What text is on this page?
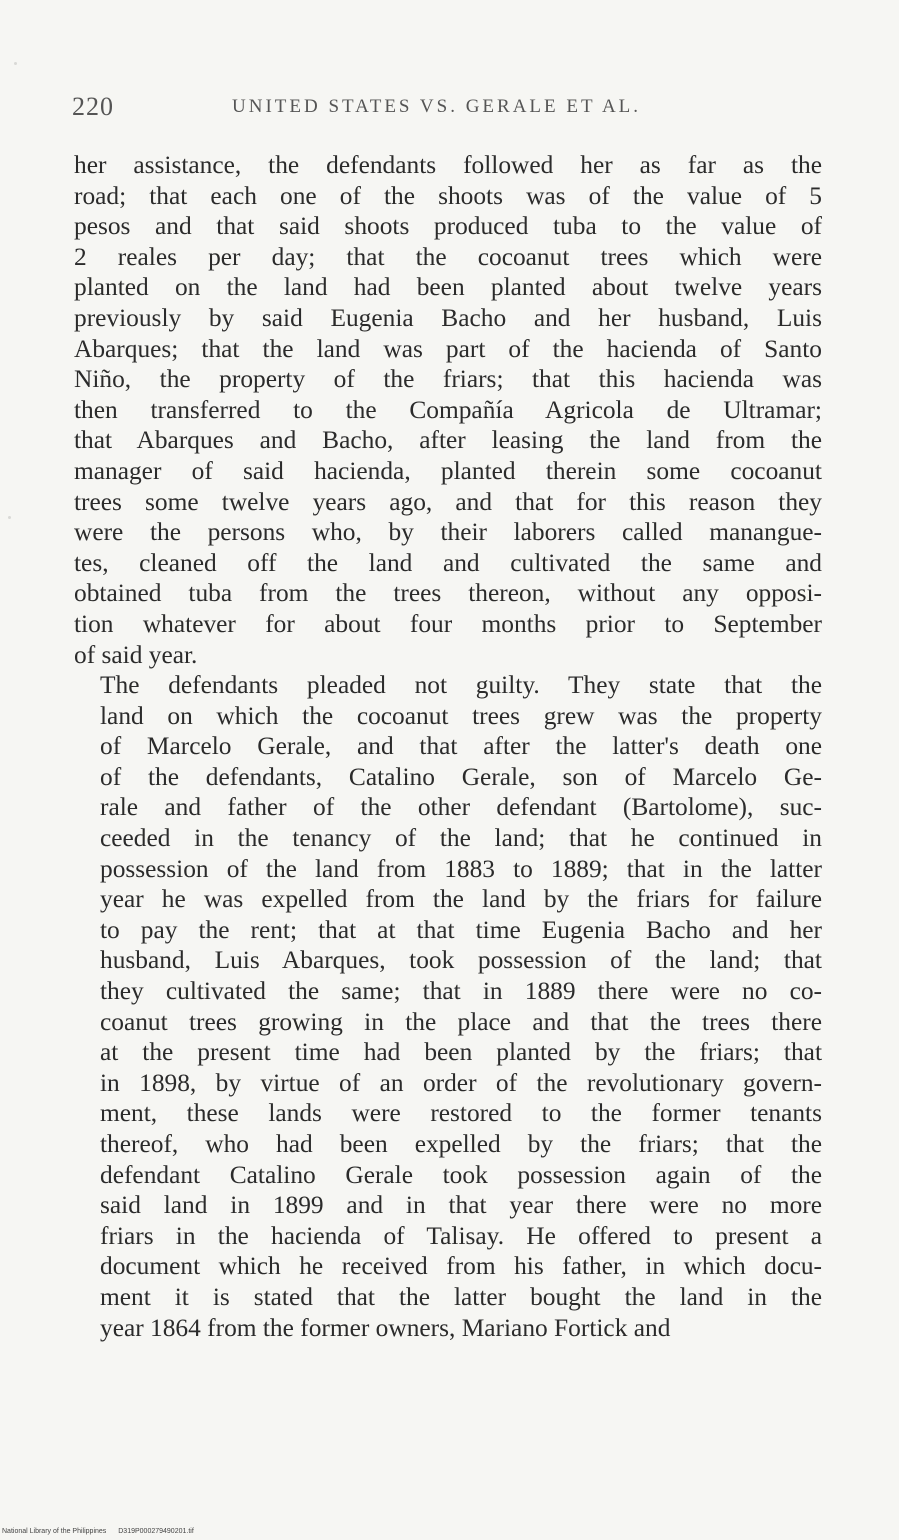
220	UNITED STATES VS. GERALE ET AL.

her assistance, the defendants followed her as far as the
road; that each one of the shoots was of the value of 5
pesos and that said shoots produced tuba to the value of
2 reales per day; that the cocoanut trees which were
planted on the land had been planted about twelve years
previously by said Eugenia Bacho and her husband, Luis
Abarques; that the land was part of the hacienda of Santo
Niño, the property of the friars; that this hacienda was
then transferred to the Compañía Agricola de Ultramar;
that Abarques and Bacho, after leasing the land from the
manager of said hacienda, planted therein some cocoanut
trees some twelve years ago, and that for this reason they
were the persons who, by their laborers called manangue-
tes, cleaned off the land and cultivated the same and
obtained tuba from the trees thereon, without any opposi-
tion whatever for about four months prior to September
of said year.

The defendants pleaded not guilty. They state that the
land on which the cocoanut trees grew was the property
of Marcelo Gerale, and that after the latter's death one
of the defendants, Catalino Gerale, son of Marcelo Ge-
rale and father of the other defendant (Bartolome), suc-
ceeded in the tenancy of the land; that he continued in
possession of the land from 1883 to 1889; that in the latter
year he was expelled from the land by the friars for failure
to pay the rent; that at that time Eugenia Bacho and her
husband, Luis Abarques, took possession of the land; that
they cultivated the same; that in 1889 there were no co-
coanut trees growing in the place and that the trees there
at the present time had been planted by the friars; that
in 1898, by virtue of an order of the revolutionary govern-
ment, these lands were restored to the former tenants
thereof, who had been expelled by the friars; that the
defendant Catalino Gerale took possession again of the
said land in 1899 and in that year there were no more
friars in the hacienda of Talisay. He offered to present a
document which he received from his father, in which docu-
ment it is stated that the latter bought the land in the
year 1864 from the former owners, Mariano Fortick and

National Library of the Philippines D319P000279490201.tif
